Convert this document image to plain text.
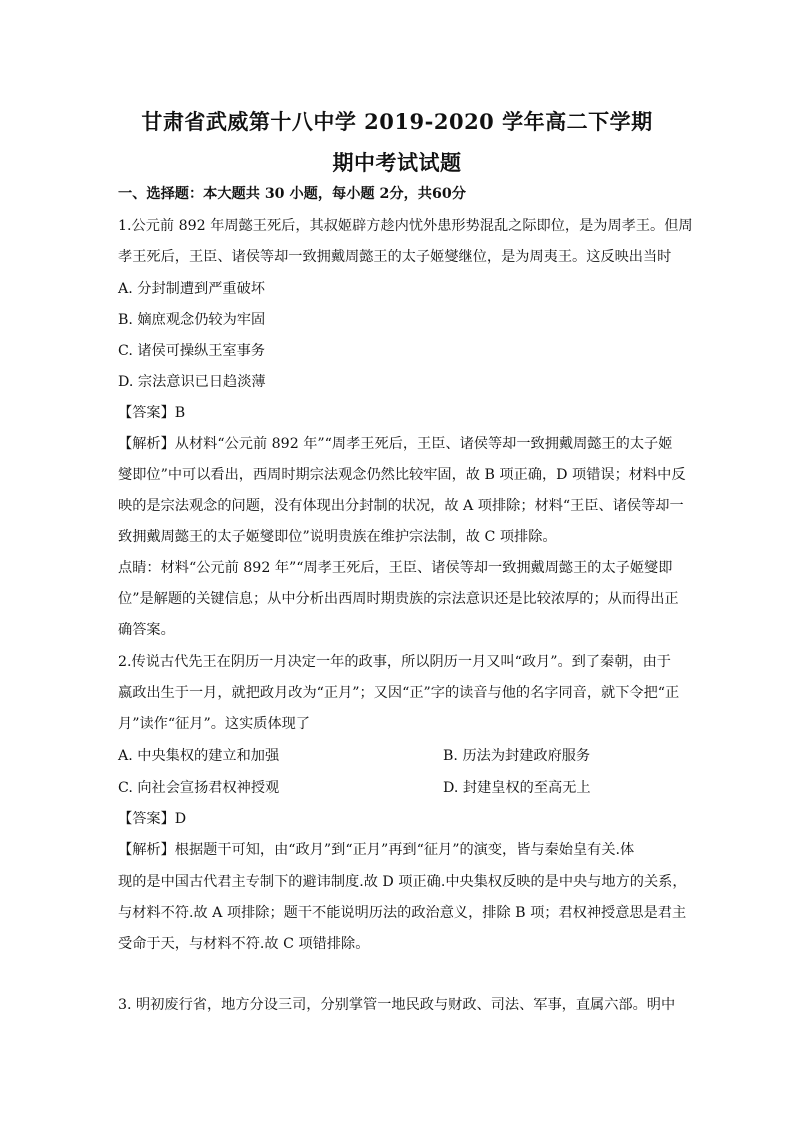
甘肃省武威第十八中学 2019-2020 学年高二下学期
期中考试试题
一、选择题：本大题共 30 小题，每小题 2分，共60分
1.公元前 892 年周懿王死后，其叔姬辟方趁内忧外患形势混乱之际即位，是为周孝王。但周
孝王死后，王臣、诸侯等却一致拥戴周懿王的太子姬燮继位，是为周夷王。这反映出当时
A. 分封制遭到严重破坏
B. 嫡庶观念仍较为牢固
C. 诸侯可操纵王室事务
D. 宗法意识已日趋淡薄
【答案】B
【解析】从材料“公元前 892 年”“周孝王死后，王臣、诸侯等却一致拥戴周懿王的太子姬
燮即位”中可以看出，西周时期宗法观念仍然比较牢固，故 B 项正确，D 项错误；材料中反
映的是宗法观念的问题，没有体现出分封制的状况，故 A 项排除；材料“王臣、诸侯等却一
致拥戴周懿王的太子姬燮即位”说明贵族在维护宗法制，故 C 项排除。
点睛：材料“公元前 892 年”“周孝王死后，王臣、诸侯等却一致拥戴周懿王的太子姬燮即
位”是解题的关键信息；从中分析出西周时期贵族的宗法意识还是比较浓厚的；从而得出正
确答案。
2.传说古代先王在阴历一月决定一年的政事，所以阴历一月又叫“政月”。到了秦朝，由于
嬴政出生于一月，就把政月改为“正月”；又因“正”字的读音与他的名字同音，就下令把“正
月”读作“征月”。这实质体现了
A. 中央集权的建立和加强	B. 历法为封建政府服务
C. 向社会宣扬君权神授观	D. 封建皇权的至高无上
【答案】D
【解析】根据题干可知，由“政月”到“正月”再到“征月”的演变，皆与秦始皇有关.体
现的是中国古代君主专制下的避讳制度.故 D 项正确.中央集权反映的是中央与地方的关系，
与材料不符.故 A 项排除；题干不能说明历法的政治意义，排除 B 项；君权神授意思是君主
受命于天，与材料不符.故 C 项错排除。
3. 明初废行省，地方分设三司，分别掌管一地民政与财政、司法、军事，直属六部。明中
